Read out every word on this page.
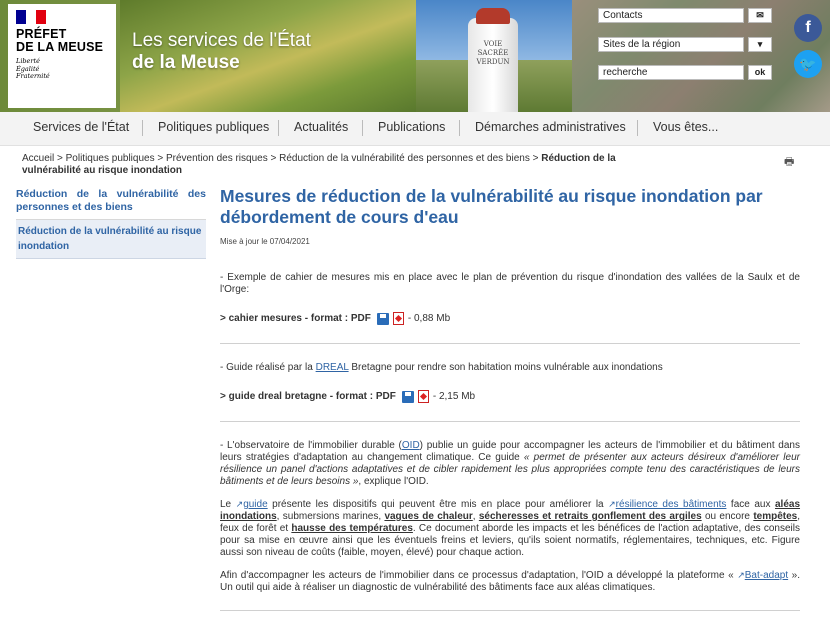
VOIE SACRÉE VERDUN
PRÉFET
DE LA MEUSE
Liberté
Égalité
Fraternité
Les services de l'État
de la Meuse
Contacts	✉
Sites de la région	▾
recherche	ok
f
🐦
Services de l'État	Politiques publiques	Actualités	Publications	Démarches administratives	Vous êtes...
Accueil > Politiques publiques > Prévention des risques > Réduction de la vulnérabilité des personnes et des biens > Réduction de la
vulnérabilité au risque inondation
🖶
Réduction de la vulnérabilité des personnes et des biens
Réduction de la vulnérabilité au risque inondation
Mesures de réduction de la vulnérabilité au risque inondation par débordement de cours d'eau
Mise à jour le 07/04/2021

- Exemple de cahier de mesures mis en place avec le plan de prévention du risque d'inondation des vallées de la Saulx et de l'Orge:

> cahier mesures - format : PDF	- 0,88 Mb

- Guide réalisé par la DREAL Bretagne pour rendre son habitation moins vulnérable aux inondations

> guide dreal bretagne - format : PDF	- 2,15 Mb

- L'observatoire de l'immobilier durable (OID) publie un guide pour accompagner les acteurs de l'immobilier et du bâtiment dans leurs stratégies d'adaptation au changement climatique. Ce guide « permet de présenter aux acteurs désireux d'améliorer leur résilience un panel d'actions adaptatives et de cibler rapidement les plus appropriées compte tenu des caractéristiques de leurs bâtiments et de leurs besoins », explique l'OID.

Le ↗guide présente les dispositifs qui peuvent être mis en place pour améliorer la ↗résilience des bâtiments face aux aléas inondations, submersions marines, vagues de chaleur, sécheresses et retraits gonflement des argiles ou encore tempêtes, feux de forêt et hausse des températures. Ce document aborde les impacts et les bénéfices de l'action adaptative, des conseils pour sa mise en œuvre ainsi que les éventuels freins et leviers, qu'ils soient normatifs, réglementaires, techniques, etc. Figure aussi son niveau de coûts (faible, moyen, élevé) pour chaque action.

Afin d'accompagner les acteurs de l'immobilier dans ce processus d'adaptation, l'OID a développé la plateforme « ↗Bat-adapt ». Un outil qui aide à réaliser un diagnostic de vulnérabilité des bâtiments face aux aléas climatiques.
